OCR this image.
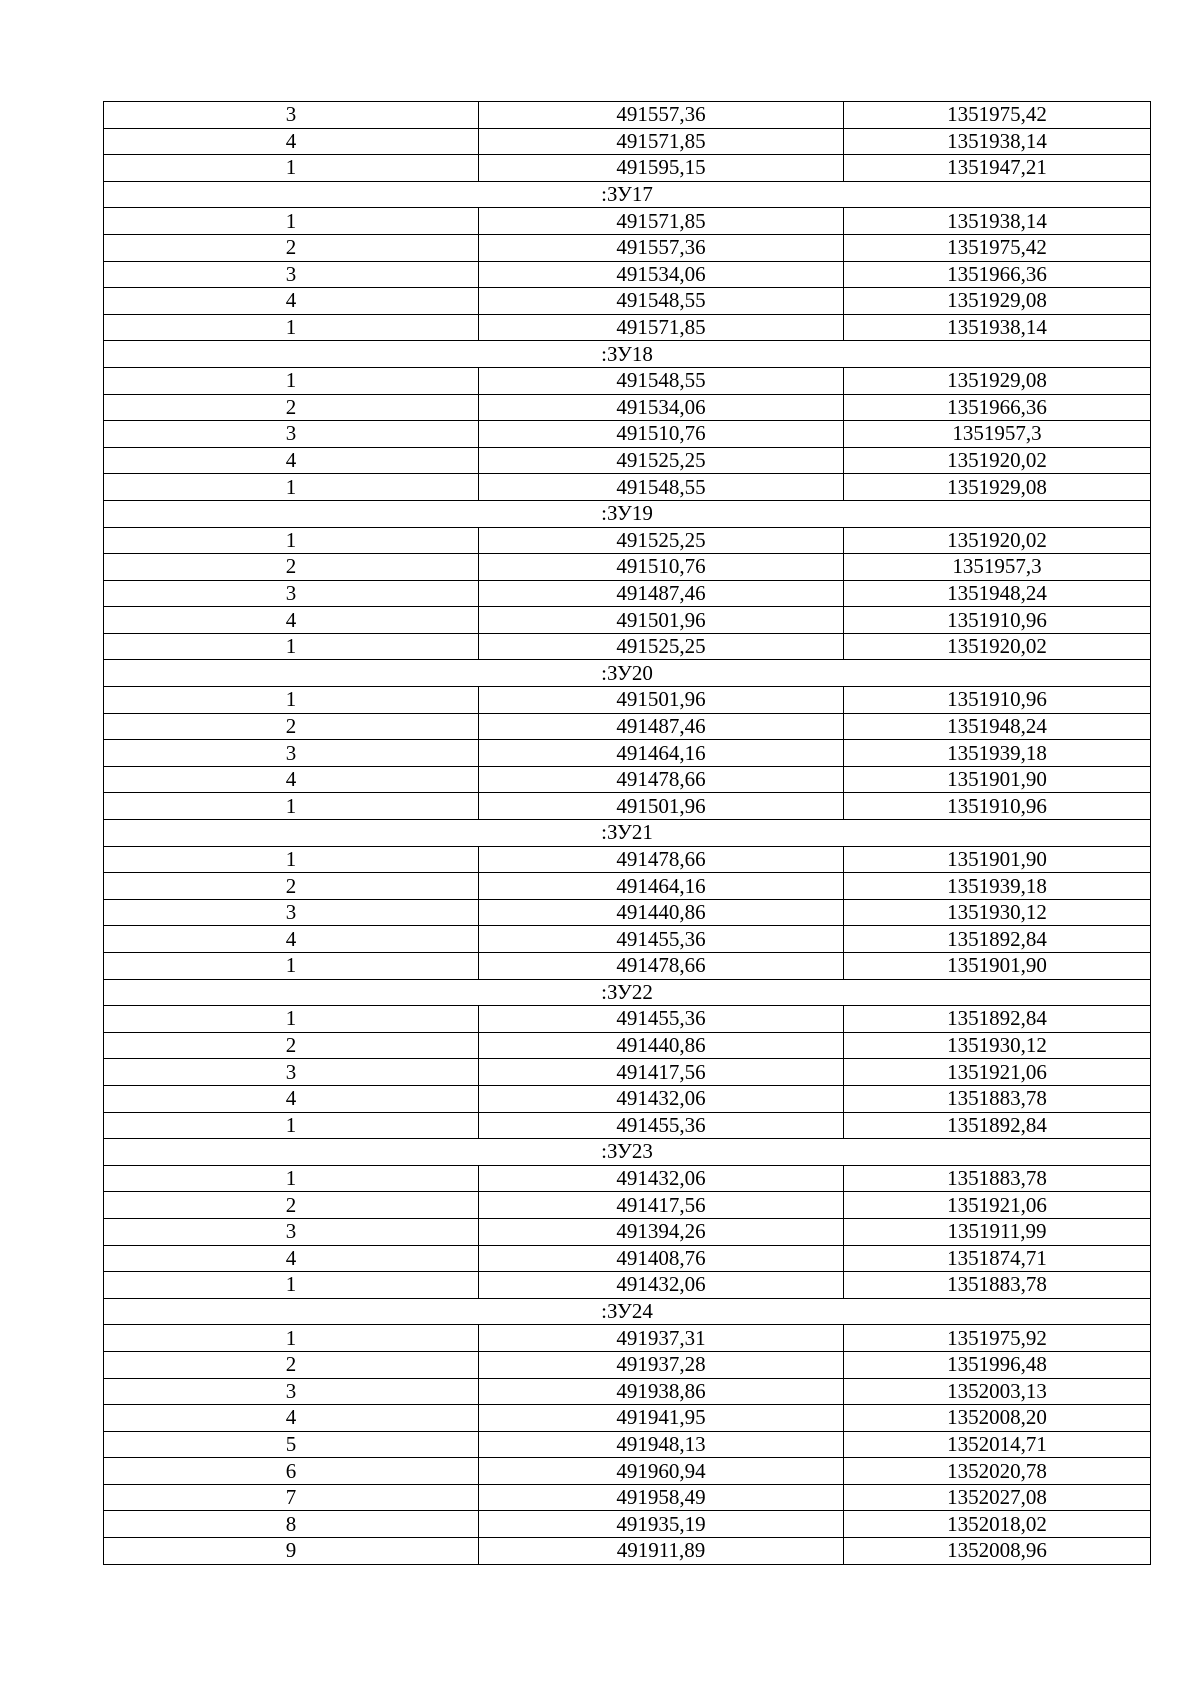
3	491557,36	1351975,42
4	491571,85	1351938,14
1	491595,15	1351947,21
:ЗУ17		
1	491571,85	1351938,14
2	491557,36	1351975,42
3	491534,06	1351966,36
4	491548,55	1351929,08
1	491571,85	1351938,14
:ЗУ18		
1	491548,55	1351929,08
2	491534,06	1351966,36
3	491510,76	1351957,3
4	491525,25	1351920,02
1	491548,55	1351929,08
:ЗУ19		
1	491525,25	1351920,02
2	491510,76	1351957,3
3	491487,46	1351948,24
4	491501,96	1351910,96
1	491525,25	1351920,02
:ЗУ20		
1	491501,96	1351910,96
2	491487,46	1351948,24
3	491464,16	1351939,18
4	491478,66	1351901,90
1	491501,96	1351910,96
:ЗУ21		
1	491478,66	1351901,90
2	491464,16	1351939,18
3	491440,86	1351930,12
4	491455,36	1351892,84
1	491478,66	1351901,90
:ЗУ22		
1	491455,36	1351892,84
2	491440,86	1351930,12
3	491417,56	1351921,06
4	491432,06	1351883,78
1	491455,36	1351892,84
:ЗУ23		
1	491432,06	1351883,78
2	491417,56	1351921,06
3	491394,26	1351911,99
4	491408,76	1351874,71
1	491432,06	1351883,78
:ЗУ24		
1	491937,31	1351975,92
2	491937,28	1351996,48
3	491938,86	1352003,13
4	491941,95	1352008,20
5	491948,13	1352014,71
6	491960,94	1352020,78
7	491958,49	1352027,08
8	491935,19	1352018,02
9	491911,89	1352008,96
